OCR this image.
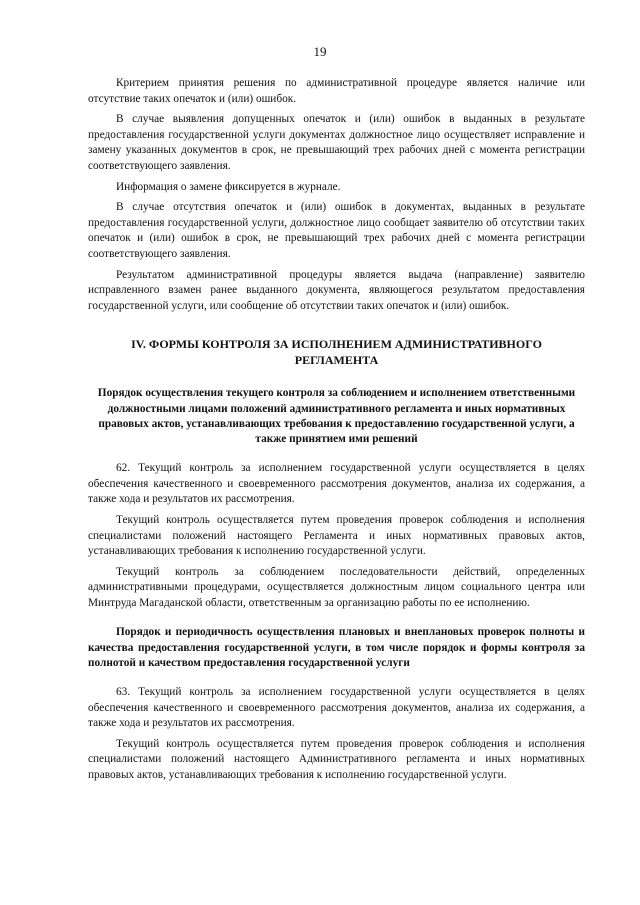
19

Критерием принятия решения по административной процедуре является наличие или отсутствие таких опечаток и (или) ошибок.

В случае выявления допущенных опечаток и (или) ошибок в выданных в результате предоставления государственной услуги документах должностное лицо осуществляет исправление и замену указанных документов в срок, не превышающий трех рабочих дней с момента регистрации соответствующего заявления.

Информация о замене фиксируется в журнале.

В случае отсутствия опечаток и (или) ошибок в документах, выданных в результате предоставления государственной услуги, должностное лицо сообщает заявителю об отсутствии таких опечаток и (или) ошибок в срок, не превышающий трех рабочих дней с момента регистрации соответствующего заявления.

Результатом административной процедуры является выдача (направление) заявителю исправленного взамен ранее выданного документа, являющегося результатом предоставления государственной услуги, или сообщение об отсутствии таких опечаток и (или) ошибок.

IV. ФОРМЫ КОНТРОЛЯ ЗА ИСПОЛНЕНИЕМ АДМИНИСТРАТИВНОГО РЕГЛАМЕНТА
Порядок осуществления текущего контроля за соблюдением и исполнением ответственными должностными лицами положений административного регламента и иных нормативных правовых актов, устанавливающих требования к предоставлению государственной услуги, а также принятием ими решений

62. Текущий контроль за исполнением государственной услуги осуществляется в целях обеспечения качественного и своевременного рассмотрения документов, анализа их содержания, а также хода и результатов их рассмотрения.

Текущий контроль осуществляется путем проведения проверок соблюдения и исполнения специалистами положений настоящего Регламента и иных нормативных правовых актов, устанавливающих требования к исполнению государственной услуги.

Текущий контроль за соблюдением последовательности действий, определенных административными процедурами, осуществляется должностным лицом социального центра или Минтруда Магаданской области, ответственным за организацию работы по ее исполнению.

Порядок и периодичность осуществления плановых и внеплановых проверок полноты и качества предоставления государственной услуги, в том числе порядок и формы контроля за полнотой и качеством предоставления государственной услуги

63. Текущий контроль за исполнением государственной услуги осуществляется в целях обеспечения качественного и своевременного рассмотрения документов, анализа их содержания, а также хода и результатов их рассмотрения.

Текущий контроль осуществляется путем проведения проверок соблюдения и исполнения специалистами положений настоящего Административного регламента и иных нормативных правовых актов, устанавливающих требования к исполнению государственной услуги.
